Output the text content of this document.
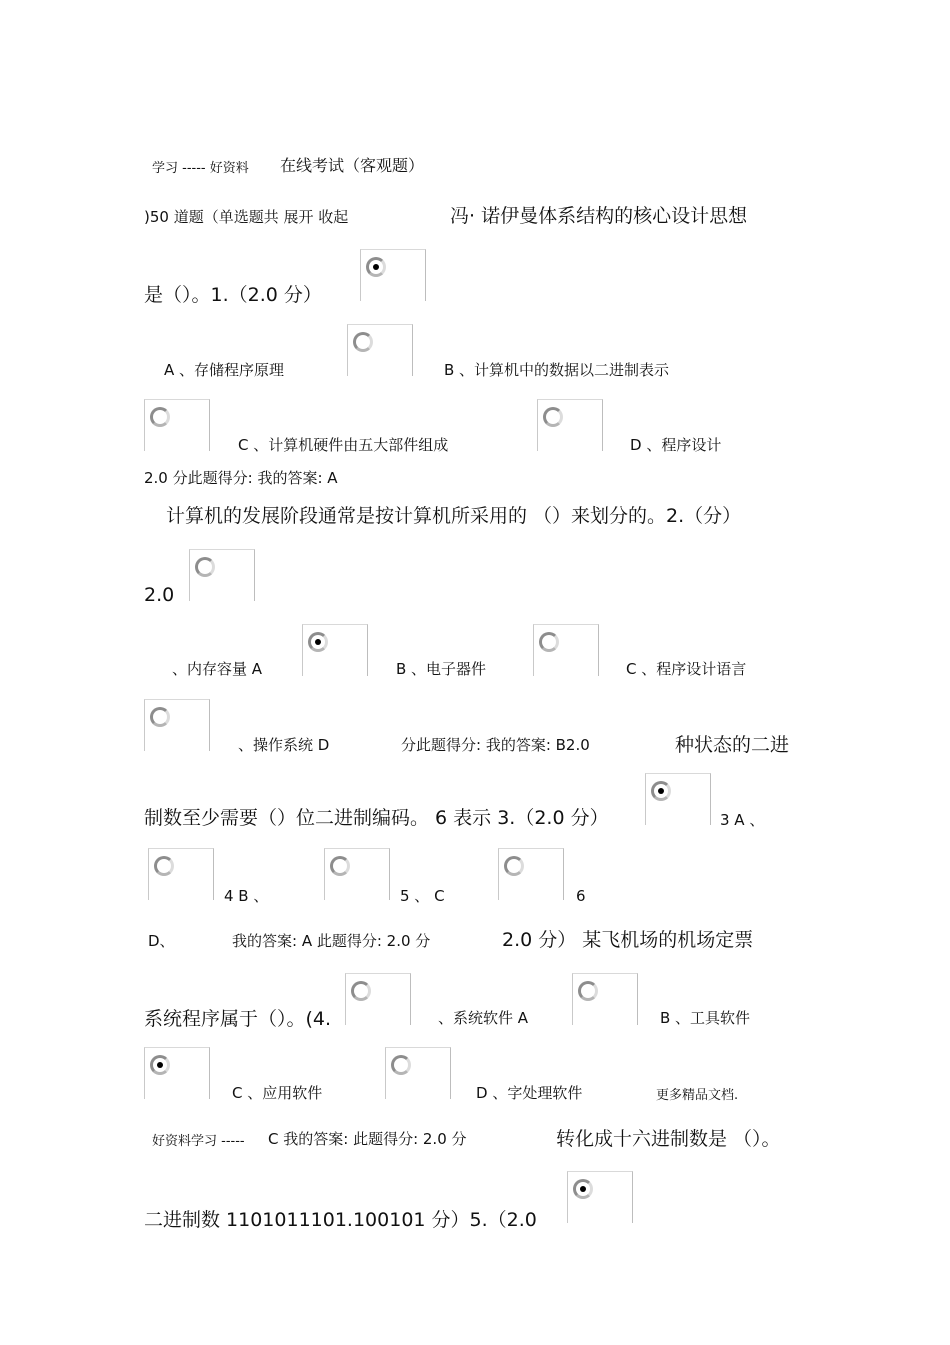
学习 ----- 好资料 在线考试（客观题）
)50 道题（单选题共 展开 收起	冯· 诺伊曼体系结构的核心设计思想
是（）。1.（2.0 分）
A 、存储程序原理	B 、计算机中的数据以二进制表示
C 、计算机硬件由五大部件组成	D 、程序设计
2.0 分此题得分: 我的答案: A
计算机的发展阶段通常是按计算机所采用的 （）来划分的。2.（分）
2.0
、内存容量 A	B 、电子器件	C 、程序设计语言
、操作系统 D	分此题得分: 我的答案: B2.0	种状态的二进
制数至少需要（）位二进制编码。 6 表示 3.（2.0 分）	3 A 、
4 B 、	5 、 C	6
D、	我的答案: A 此题得分: 2.0 分	2.0 分） 某飞机场的机场定票
系统程序属于（）。(4.	、系统软件 A	B 、工具软件
C 、应用软件	D 、字处理软件	更多精品文档.
好资料学习 ----- C 我的答案: 此题得分: 2.0 分	转化成十六进制数是 （）。
二进制数 1101011101.100101 分）5.（2.0
